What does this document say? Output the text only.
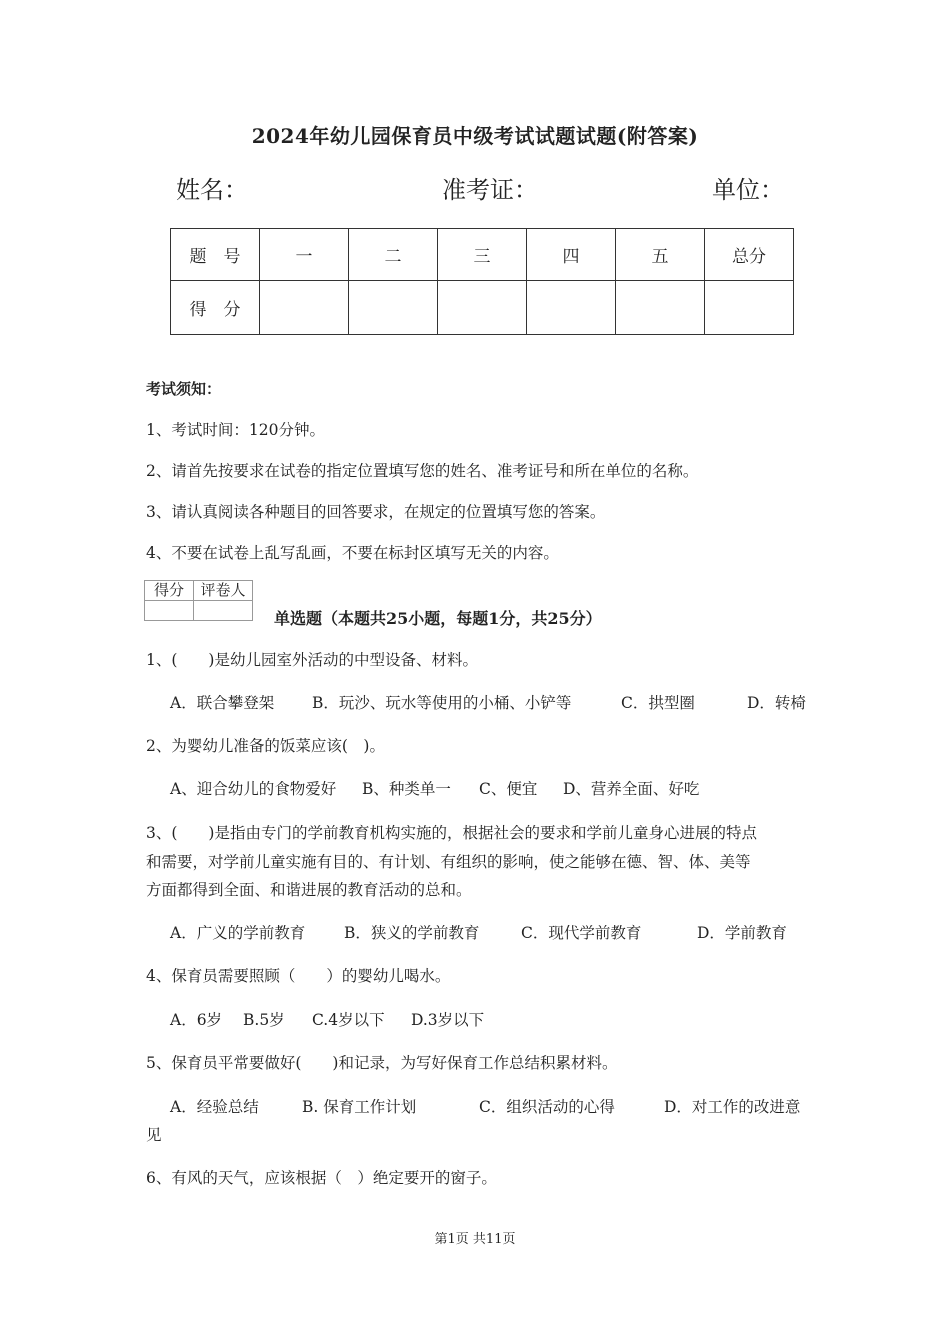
2024年幼儿园保育员中级考试试题试题(附答案)
姓名：	准考证：	单位：
题　号	一	二	三	四	五	总分
得　分						
考试须知：
1、考试时间：120分钟。
2、请首先按要求在试卷的指定位置填写您的姓名、准考证号和所在单位的名称。
3、请认真阅读各种题目的回答要求，在规定的位置填写您的答案。
4、不要在试卷上乱写乱画，不要在标封区填写无关的内容。
得分	评卷人

单选题（本题共25小题，每题1分，共25分）
1、(　　)是幼儿园室外活动的中型设备、材料。
A．联合攀登架 B．玩沙、玩水等使用的小桶、小铲等	C．拱型圈	D．转椅
2、为婴幼儿准备的饭菜应该(　)。
A、迎合幼儿的食物爱好 B、种类单一 C、便宜 D、营养全面、好吃
3、(　　)是指由专门的学前教育机构实施的，根据社会的要求和学前儿童身心进展的特点
和需要，对学前儿童实施有目的、有计划、有组织的影响，使之能够在德、智、体、美等
方面都得到全面、和谐进展的教育活动的总和。
A．广义的学前教育	B．狭义的学前教育	C．现代学前教育	D．学前教育
4、保育员需要照顾（　　）的婴幼儿喝水。
A．6岁 B.5岁 C.4岁以下 D.3岁以下
5、保育员平常要做好(　　)和记录，为写好保育工作总结积累材料。
A．经验总结	B. 保育工作计划	C．组织活动的心得	D．对工作的改进意
见
6、有风的天气，应该根据（　）绝定要开的窗子。
第1页 共11页
